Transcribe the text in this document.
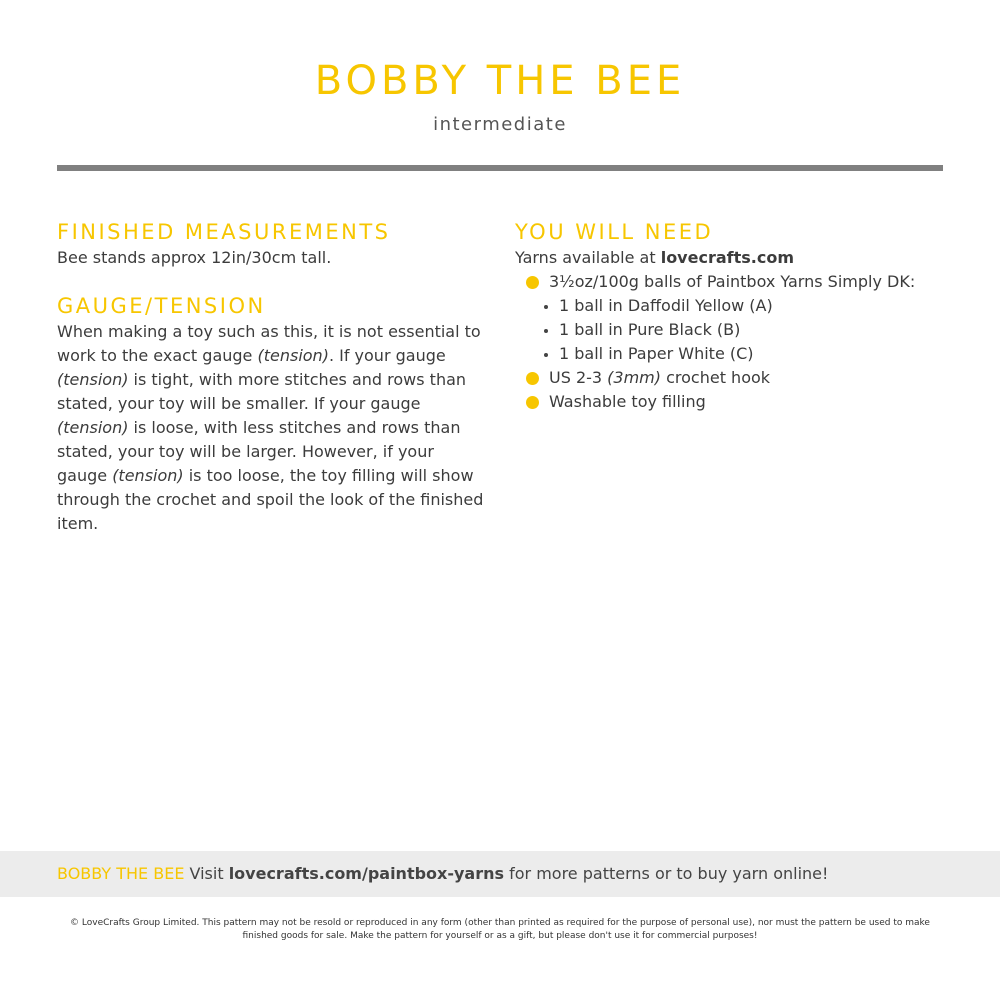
BOBBY THE BEE
intermediate
FINISHED MEASUREMENTS

Bee stands approx 12in/30cm tall.

GAUGE/TENSION

When making a toy such as this, it is not essential to work to the exact gauge (tension). If your gauge (tension) is tight, with more stitches and rows than stated, your toy will be smaller. If your gauge (tension) is loose, with less stitches and rows than stated, your toy will be larger. However, if your gauge (tension) is too loose, the toy filling will show through the crochet and spoil the look of the finished item.

YOU WILL NEED

Yarns available at lovecrafts.com

3½oz/100g balls of Paintbox Yarns Simply DK:
1 ball in Daffodil Yellow (A)
1 ball in Pure Black (B)
1 ball in Paper White (C)
US 2-3 (3mm) crochet hook
Washable toy filling
BOBBY THE BEE Visit lovecrafts.com/paintbox-yarns for more patterns or to buy yarn online!
© LoveCrafts Group Limited. This pattern may not be resold or reproduced in any form (other than printed as required for the purpose of personal use), nor must the pattern be used to make
finished goods for sale. Make the pattern for yourself or as a gift, but please don't use it for commercial purposes!
